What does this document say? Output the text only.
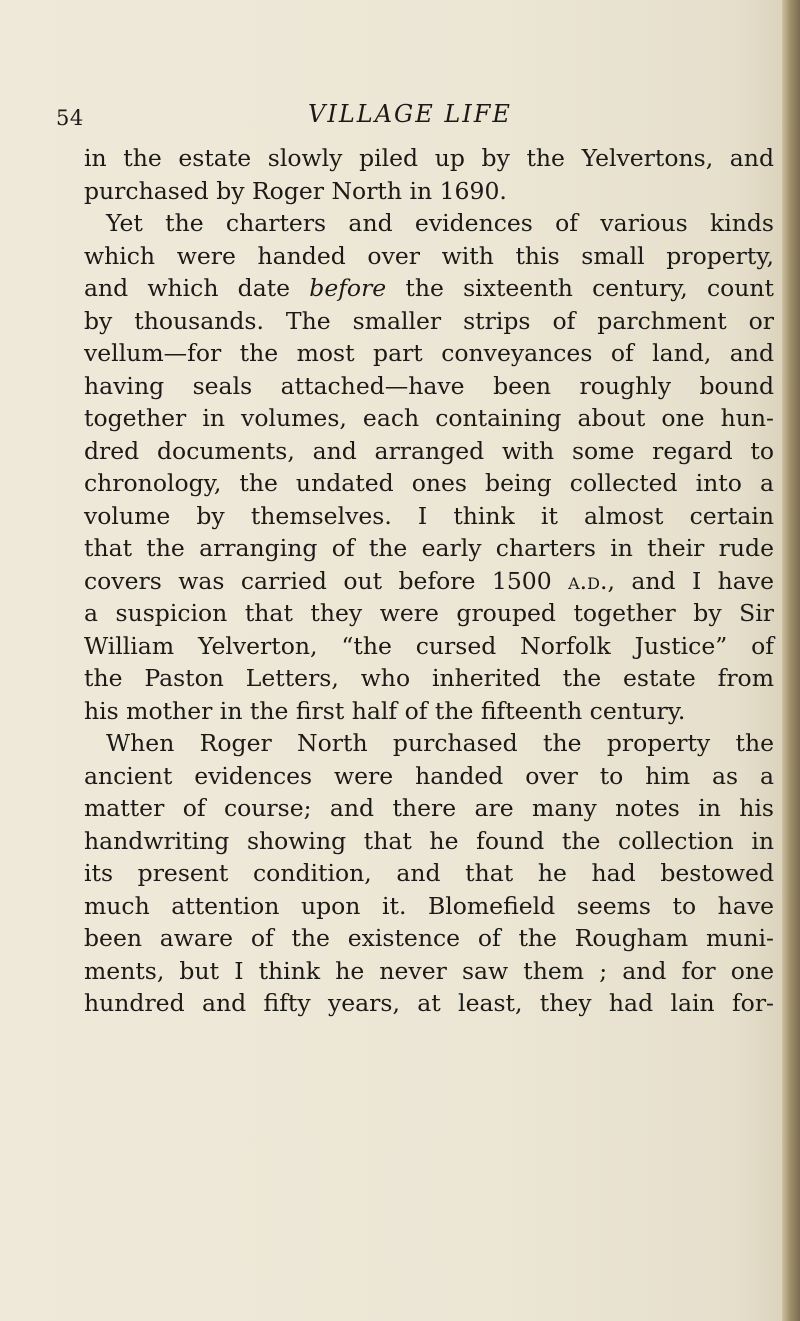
54	VILLAGE LIFE
in the estate slowly piled up by the Yelvertons, and
purchased by Roger North in 1690.
Yet the charters and evidences of various kinds
which were handed over with this small property,
and which date before the sixteenth century, count
by thousands. The smaller strips of parchment or
vellum—for the most part conveyances of land, and
having seals attached—have been roughly bound
together in volumes, each containing about one hun-
dred documents, and arranged with some regard to
chronology, the undated ones being collected into a
volume by themselves. I think it almost certain
that the arranging of the early charters in their rude
covers was carried out before 1500 a.d., and I have
a suspicion that they were grouped together by Sir
William Yelverton, “the cursed Norfolk Justice” of
the Paston Letters, who inherited the estate from
his mother in the first half of the fifteenth century.
When Roger North purchased the property the
ancient evidences were handed over to him as a
matter of course; and there are many notes in his
handwriting showing that he found the collection in
its present condition, and that he had bestowed
much attention upon it. Blomefield seems to have
been aware of the existence of the Rougham muni-
ments, but I think he never saw them ; and for one
hundred and fifty years, at least, they had lain for-
